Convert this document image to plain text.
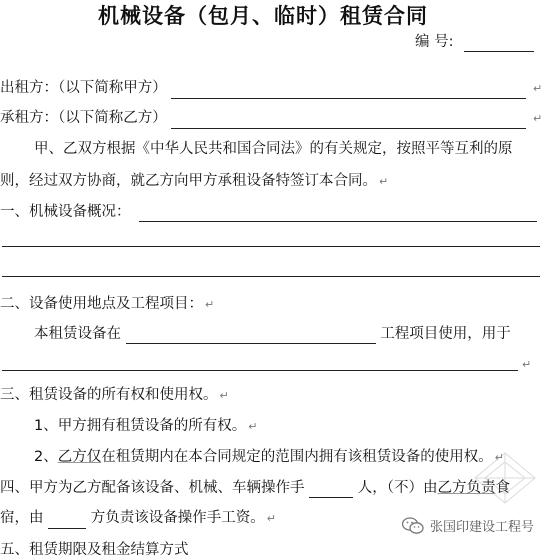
机械设备（包月、临时）租赁合同
编 号:
出租方：（以下简称甲方）	↵
承租方：（以下简称乙方）	↵
甲、乙双方根据《中华人民共和国合同法》的有关规定，按照平等互利的原
则，经过双方协商，就乙方向甲方承租设备特签订本合同。 ↵
一、机械设备概况：
二、设备使用地点及工程项目： ↵
本租赁设备在	工程项目使用，用于
↵
三、租赁设备的所有权和使用权。 ↵
1、甲方拥有租赁设备的所有权。 ↵
2、乙方仅在租赁期内在本合同规定的范围内拥有该租赁设备的使用权。 ↵
四、甲方为乙方配备该设备、机械、车辆操作手	人，（不）由乙方负责食
宿，由	方负责该设备操作手工资。 ↵
五、租赁期限及租金结算方式
张国印建设工程号
